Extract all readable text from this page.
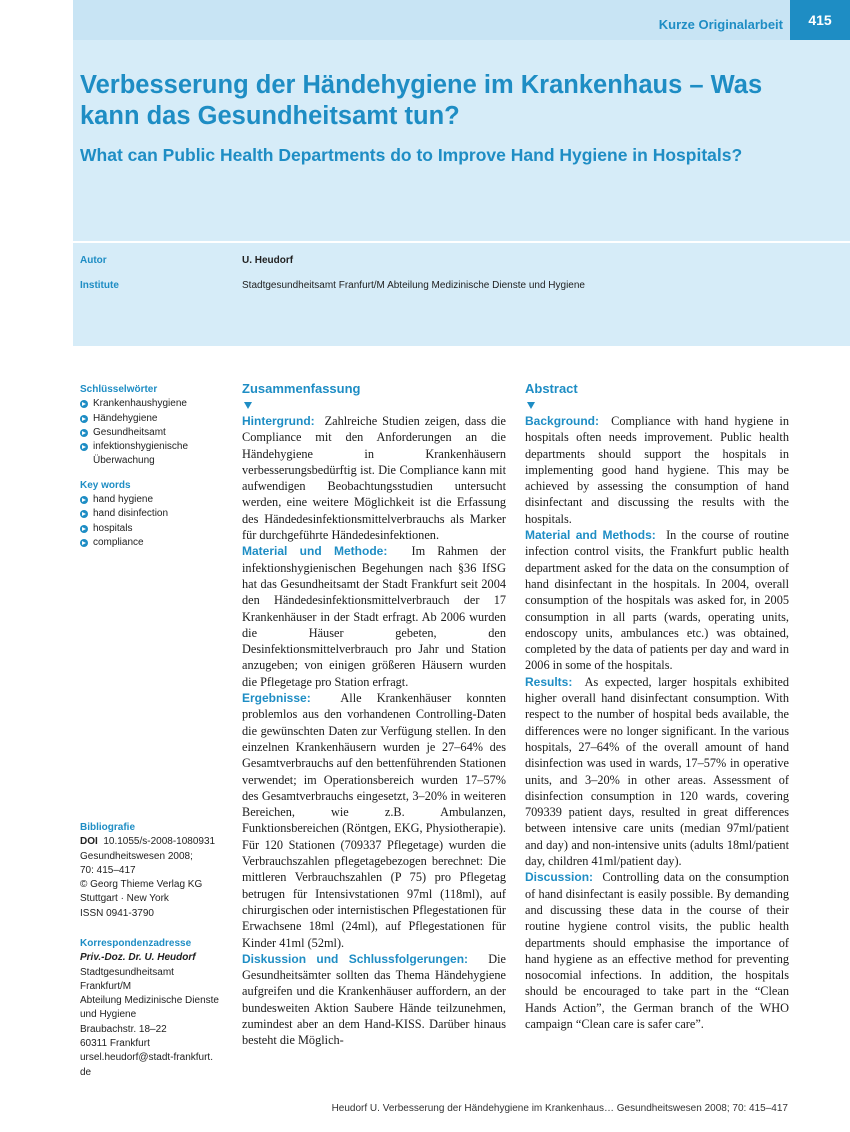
Kurze Originalarbeit	415
Verbesserung der Händehygiene im Krankenhaus – Was kann das Gesundheitsamt tun?
What can Public Health Departments do to Improve Hand Hygiene in Hospitals?
Autor	U. Heudorf
Institute	Stadtgesundheitsamt Franfurt/M Abteilung Medizinische Dienste und Hygiene
Schlüsselwörter
Krankenhaushygiene
Händehygiene
Gesundheitsamt
infektionshygienische Überwachung
Key words
hand hygiene
hand disinfection
hospitals
compliance
Bibliografie
DOI 10.1055/s-2008-1080931
Gesundheitswesen 2008;
70: 415–417
© Georg Thieme Verlag KG
Stuttgart · New York
ISSN 0941-3790
Korrespondenzadresse
Priv.-Doz. Dr. U. Heudorf
Stadtgesundheitsamt
Frankfurt/M
Abteilung Medizinische Dienste
und Hygiene
Braubachstr. 18–22
60311 Frankfurt
ursel.heudorf@stadt-frankfurt.
de
Zusammenfassung

Hintergrund: Zahlreiche Studien zeigen, dass die Compliance mit den Anforderungen an die Händehygiene in Krankenhäusern verbesserungsbedürftig ist. Die Compliance kann mit aufwendigen Beobachtungsstudien untersucht werden, eine weitere Möglichkeit ist die Erfassung des Händedesinfektionsmittelverbrauchs als Marker für durchgeführte Händedesinfektionen.

Material und Methode: Im Rahmen der infektionshygienischen Begehungen nach §36 IfSG hat das Gesundheitsamt der Stadt Frankfurt seit 2004 den Händedesinfektionsmittelverbrauch der 17 Krankenhäuser in der Stadt erfragt. Ab 2006 wurden die Häuser gebeten, den Desinfektionsmittelverbrauch pro Jahr und Station anzugeben; von einigen größeren Häusern wurden die Pflegetage pro Station erfragt.

Ergebnisse: Alle Krankenhäuser konnten problemlos aus den vorhandenen Controlling-Daten die gewünschten Daten zur Verfügung stellen. In den einzelnen Krankenhäusern wurden je 27–64% des Gesamtverbrauchs auf den bettenführenden Stationen verwendet; im Operationsbereich wurden 17–57% des Gesamtverbrauchs eingesetzt, 3–20% in weiteren Bereichen, wie z.B. Ambulanzen, Funktionsbereichen (Röntgen, EKG, Physiotherapie). Für 120 Stationen (709337 Pflegetage) wurden die Verbrauchszahlen pflegetagebezogen berechnet: Die mittleren Verbrauchszahlen (P 75) pro Pflegetag betrugen für Intensivstationen 97ml (118ml), auf chirurgischen oder internistischen Pflegestationen für Erwachsene 18ml (24ml), auf Pflegestationen für Kinder 41ml (52ml).

Diskussion und Schlussfolgerungen: Die Gesundheitsämter sollten das Thema Händehygiene aufgreifen und die Krankenhäuser auffordern, an der bundesweiten Aktion Saubere Hände teilzunehmen, zumindest aber an dem Hand-KISS. Darüber hinaus besteht die Möglich-

Abstract

Background: Compliance with hand hygiene in hospitals often needs improvement. Public health departments should support the hospitals in implementing good hand hygiene. This may be achieved by assessing the consumption of hand disinfectant and discussing the results with the hospitals.

Material and Methods: In the course of routine infection control visits, the Frankfurt public health department asked for the data on the consumption of hand disinfectant in the hospitals. In 2004, overall consumption of the hospitals was asked for, in 2005 consumption in all parts (wards, operating units, endoscopy units, ambulances etc.) was obtained, completed by the data of patients per day and ward in 2006 in some of the hospitals.

Results: As expected, larger hospitals exhibited higher overall hand disinfectant consumption. With respect to the number of hospital beds available, the differences were no longer significant. In the various hospitals, 27–64% of the overall amount of hand disinfection was used in wards, 17–57% in operative units, and 3–20% in other areas. Assessment of disinfection consumption in 120 wards, covering 709339 patient days, resulted in great differences between intensive care units (median 97ml/patient and day) and non-intensive units (adults 18ml/patient day, children 41ml/patient day).

Discussion: Controlling data on the consumption of hand disinfectant is easily possible. By demanding and discussing these data in the course of their routine hygiene control visits, the public health departments should emphasise the importance of hand hygiene as an effective method for preventing nosocomial infections. In addition, the hospitals should be encouraged to take part in the “Clean Hands Action”, the German branch of the WHO campaign “Clean care is safer care”.

Heudorf U. Verbesserung der Händehygiene im Krankenhaus… Gesundheitswesen 2008; 70: 415–417
